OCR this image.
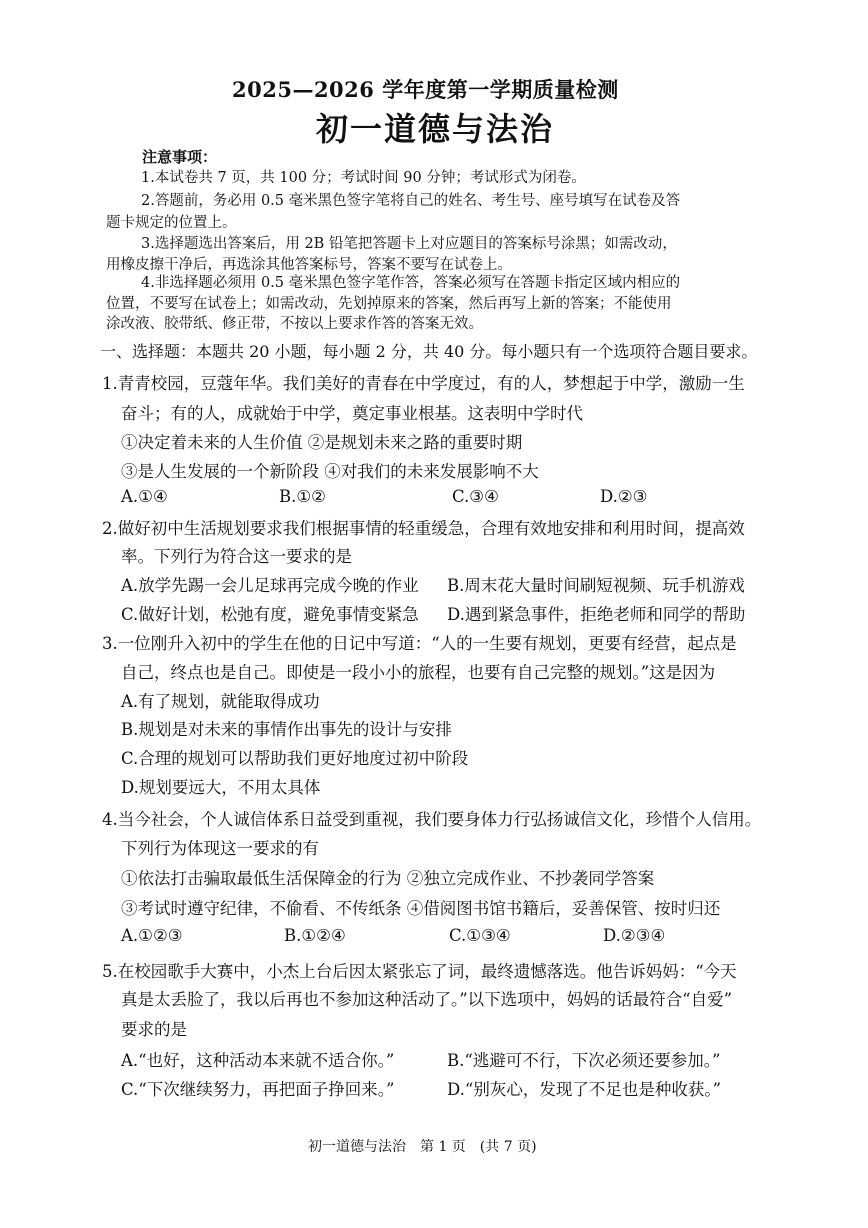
2025—2026 学年度第一学期质量检测
初一道德与法治
注意事项：
1.本试卷共 7 页，共 100 分；考试时间 90 分钟；考试形式为闭卷。
2.答题前，务必用 0.5 毫米黑色签字笔将自己的姓名、考生号、座号填写在试卷及答
题卡规定的位置上。
3.选择题选出答案后，用 2B 铅笔把答题卡上对应题目的答案标号涂黑；如需改动，
用橡皮擦干净后，再选涂其他答案标号，答案不要写在试卷上。
4.非选择题必须用 0.5 毫米黑色签字笔作答，答案必须写在答题卡指定区域内相应的
位置，不要写在试卷上；如需改动，先划掉原来的答案，然后再写上新的答案；不能使用
涂改液、胶带纸、修正带，不按以上要求作答的答案无效。
一、选择题：本题共 20 小题，每小题 2 分，共 40 分。每小题只有一个选项符合题目要求。
1.青青校园，豆蔻年华。我们美好的青春在中学度过，有的人，梦想起于中学，激励一生
奋斗；有的人，成就始于中学，奠定事业根基。这表明中学时代
①决定着未来的人生价值 ②是规划未来之路的重要时期
③是人生发展的一个新阶段 ④对我们的未来发展影响不大
A.①④	B.①②	C.③④	D.②③
2.做好初中生活规划要求我们根据事情的轻重缓急，合理有效地安排和利用时间，提高效
率。下列行为符合这一要求的是
A.放学先踢一会儿足球再完成今晚的作业 B.周末花大量时间刷短视频、玩手机游戏
C.做好计划，松弛有度，避免事情变紧急 D.遇到紧急事件，拒绝老师和同学的帮助
3.一位刚升入初中的学生在他的日记中写道：“人的一生要有规划，更要有经营，起点是
自己，终点也是自己。即使是一段小小的旅程，也要有自己完整的规划。”这是因为
A.有了规划，就能取得成功
B.规划是对未来的事情作出事先的设计与安排
C.合理的规划可以帮助我们更好地度过初中阶段
D.规划要远大，不用太具体
4.当今社会，个人诚信体系日益受到重视，我们要身体力行弘扬诚信文化，珍惜个人信用。
下列行为体现这一要求的有
①依法打击骗取最低生活保障金的行为 ②独立完成作业、不抄袭同学答案
③考试时遵守纪律，不偷看、不传纸条 ④借阅图书馆书籍后，妥善保管、按时归还
A.①②③	B.①②④	C.①③④	D.②③④
5.在校园歌手大赛中，小杰上台后因太紧张忘了词，最终遗憾落选。他告诉妈妈：“今天
真是太丢脸了，我以后再也不参加这种活动了。”以下选项中，妈妈的话最符合“自爱”
要求的是
A.“也好，这种活动本来就不适合你。”	B.“逃避可不行，下次必须还要参加。”
C.“下次继续努力，再把面子挣回来。”	D.“别灰心，发现了不足也是种收获。”
初一道德与法治　第 1 页　(共 7 页)
